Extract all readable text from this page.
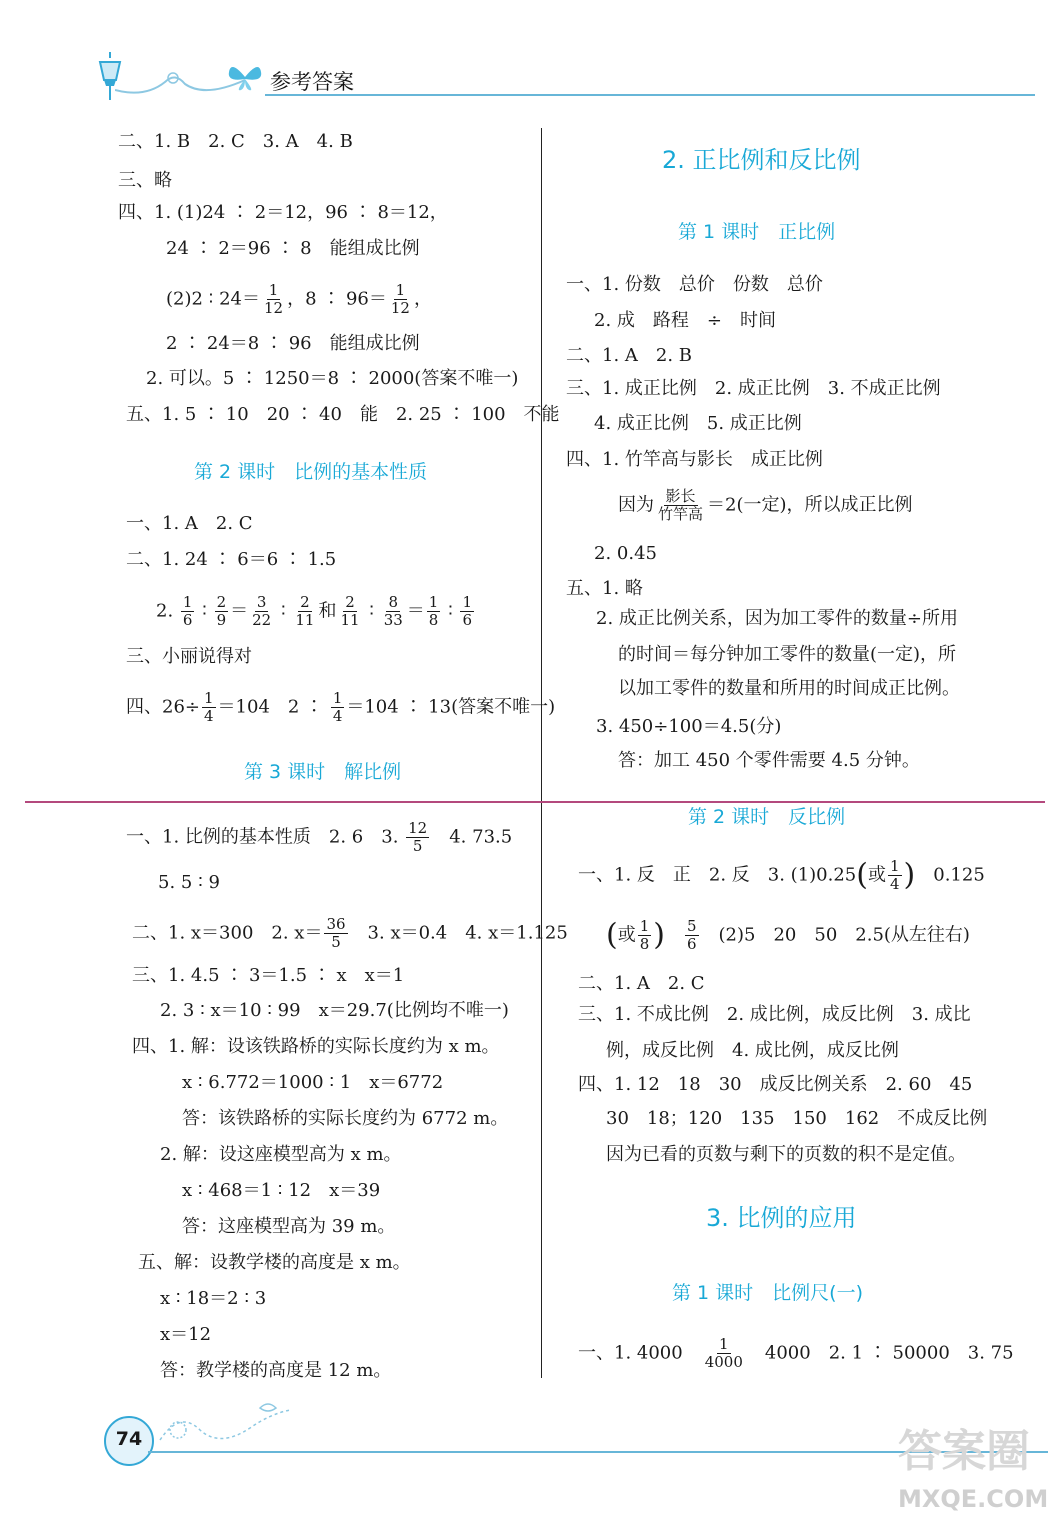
参考答案
二、1. B　2. C　3. A　4. B
三、略
四、1. (1)24 ∶ 2＝12，96 ∶ 8＝12，
24 ∶ 2＝96 ∶ 8　能组成比例
(2)2 ∶ $24= \frac{1}{12}$ ，8 ∶ $96= \frac{1}{12}$ ，
2 ∶ 24＝8 ∶ 96　能组成比例
2. 可以。5 ∶ 1250＝8 ∶ 2000(答案不唯一)
五、1. 5 ∶ 10　20 ∶ 40　能　2. 25 ∶ 100　不能
第 2 课时　比例的基本性质
一、1. A　2. C
二、1. 24 ∶ 6＝6 ∶ 1.5
2. $\frac{1}{6}$ ∶ $\frac{2}{9} = \frac{3}{22}$ ∶ $\frac{2}{11}$ 和 $\frac{2}{11}$ ∶ $\frac{8}{33} = \frac{1}{8}$ ∶ $\frac{1}{6}$
三、小丽说得对
四、$26\div \frac{1}{4} =104$　2 ∶ $\frac{1}{4} =104$ ∶ 13(答案不唯一)
第 3 课时　解比例
一、1. 比例的基本性质　2. 6　3. $\frac{12}{5}$ 　4. 73.5
5. 5 ∶ 9
二、1. x＝300　2. $x= \frac{36}{5}$ 　3. x＝0.4　4. x＝1.125
三、1. 4.5 ∶ 3＝1.5 ∶ x　x＝1
2. 3 ∶ x＝10 ∶ 99　x＝29.7(比例均不唯一)
四、1. 解：设该铁路桥的实际长度约为 x m。
x ∶ 6.772＝1000 ∶ 1　x＝6772
答：该铁路桥的实际长度约为 6772 m。
2. 解：设这座模型高为 x m。
x ∶ 468＝1 ∶ 12　x＝39
答：这座模型高为 39 m。
五、解：设教学楼的高度是 x m。
x ∶ 18＝2 ∶ 3
x＝12
答：教学楼的高度是 12 m。
2. 正比例和反比例
第 1 课时　正比例
一、1. 份数　总价　份数　总价
2. 成　路程　÷　时间
二、1. A　2. B
三、1. 成正比例　2. 成正比例　3. 不成正比例
4. 成正比例　5. 成正比例
四、1. 竹竿高与影长　成正比例
因为 $\frac{\text{影长}}{\text{竹竿高}} =2$(一定)，所以成正比例
2. 0.45
五、1. 略
2. 成正比例关系，因为加工零件的数量÷所用
的时间＝每分钟加工零件的数量(一定)，所
以加工零件的数量和所用的时间成正比例。
3. 450÷100＝4.5(分)
答：加工 450 个零件需要 4.5 分钟。
第 2 课时　反比例
一、1. 反　正　2. 反　3. (1)0.25(或 $\frac{1}{4}$ )　 0.125
(或 $\frac{1}{8}$ )　 $\frac{5}{6}$
　 (2)5　20　50　2.5(从左往右)
二、1. A　2. C
三、1. 不成比例　2. 成比例，成反比例　3. 成比
例，成反比例　4. 成比例，成反比例
四、1. 12　18　30　成反比例关系　2. 60　45
30　18；120　135　150　162　不成反比例
因为已看的页数与剩下的页数的积不是定值。
3. 比例的应用
第 1 课时　比例尺(一)
一、1. 4000　 $\frac{1}{4000}$
　 4000　2. 1 ∶ 50000　3. 75
74	答案圈
MXQE.COM
